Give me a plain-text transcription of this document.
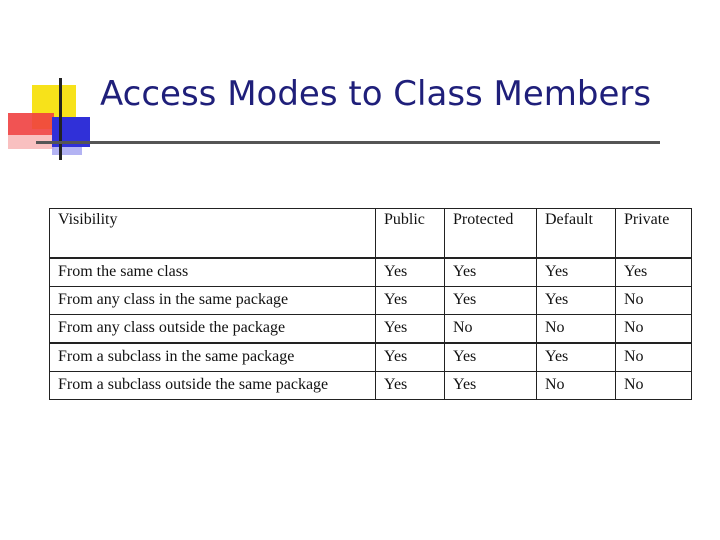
Access Modes to Class Members
Visibility	Public	Protected	Default	Private
From the same class	Yes	Yes	Yes	Yes
From any class in the same package	Yes	Yes	Yes	No
From any class outside the package	Yes	No	No	No
From a subclass in the same package	Yes	Yes	Yes	No
From a subclass outside the same package	Yes	Yes	No	No
